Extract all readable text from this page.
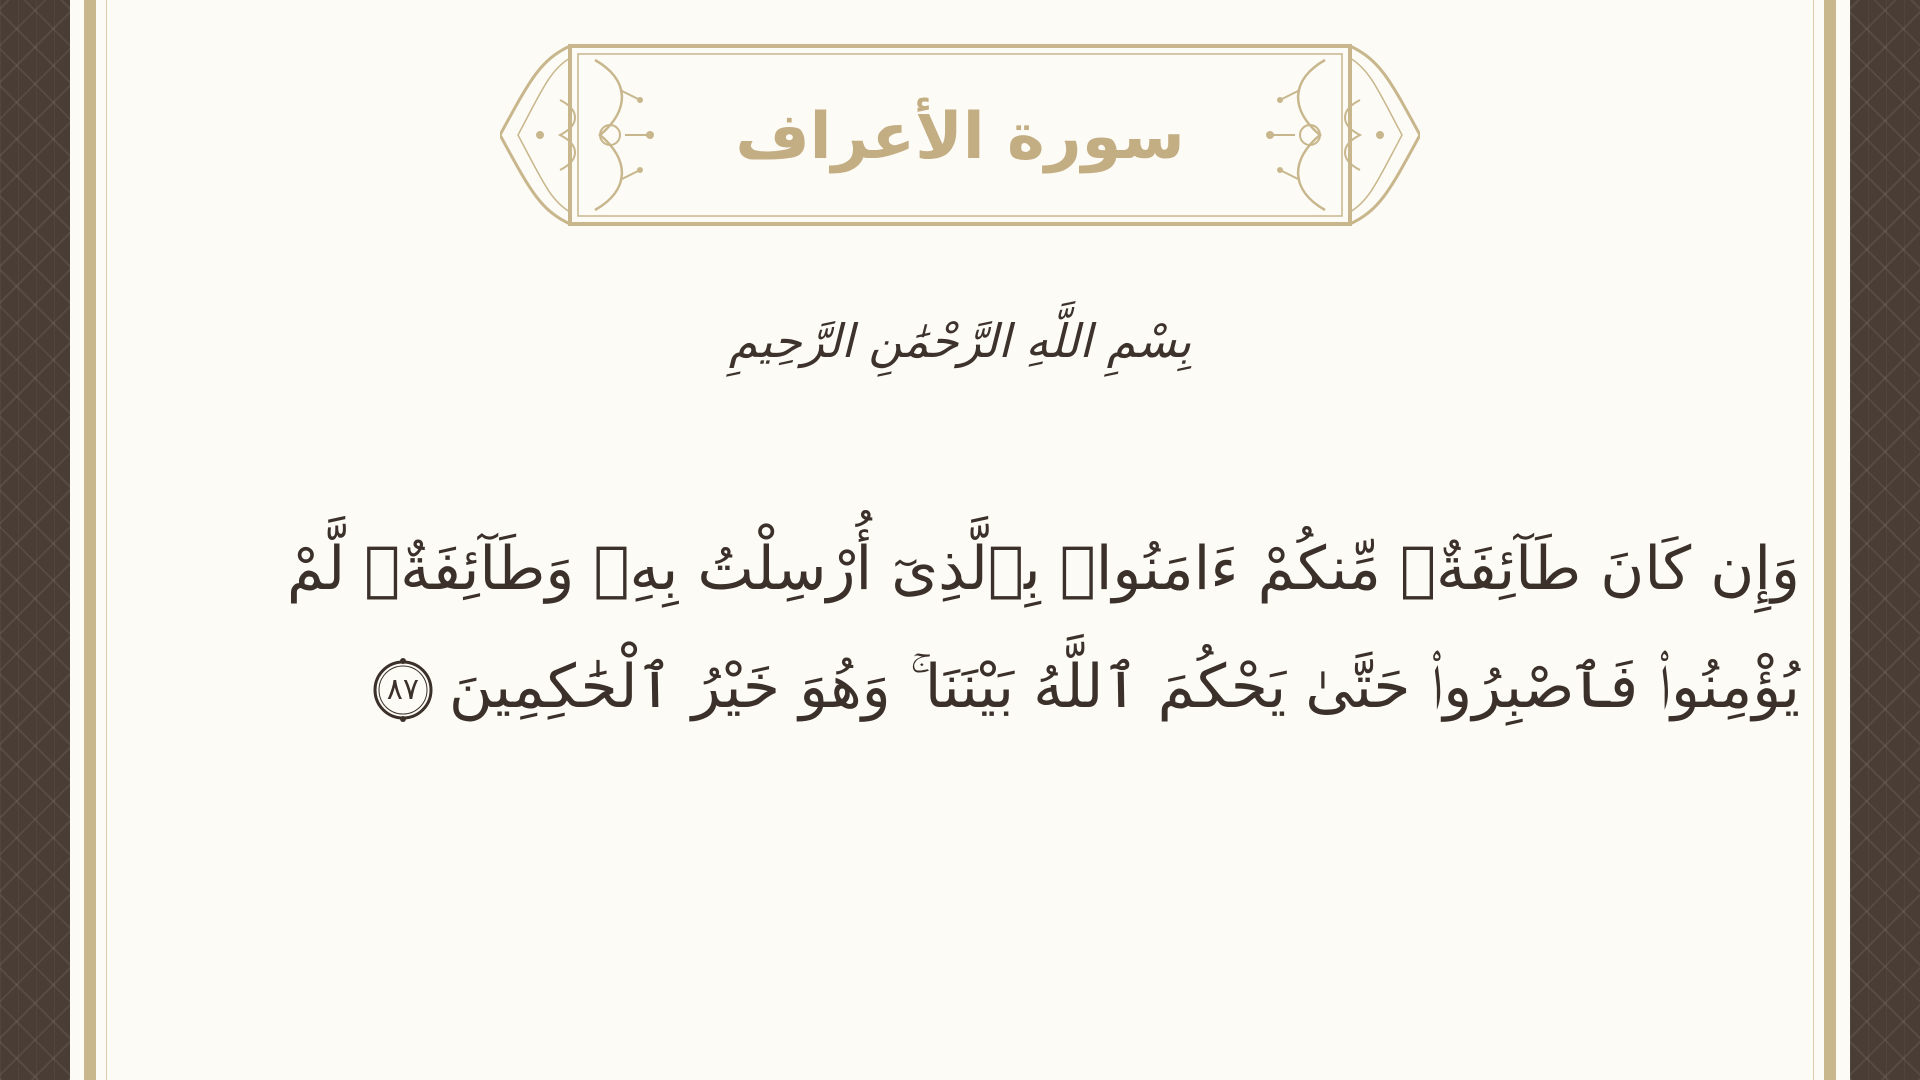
سورة الأعراف
بِسْمِ اللَّهِ الرَّحْمَٰنِ الرَّحِيمِ
وَإِن كَانَ طَآئِفَةٌۭ مِّنكُمْ ءَامَنُوا۟ بِٱلَّذِىٓ أُرْسِلْتُ بِهِۦ وَطَآئِفَةٌۭ لَّمْ
يُؤْمِنُوا۟ فَٱصْبِرُوا۟ حَتَّىٰ يَحْكُمَ ٱللَّهُ بَيْنَنَا ۚ وَهُوَ خَيْرُ ٱلْحَٰكِمِينَ
٨٧
